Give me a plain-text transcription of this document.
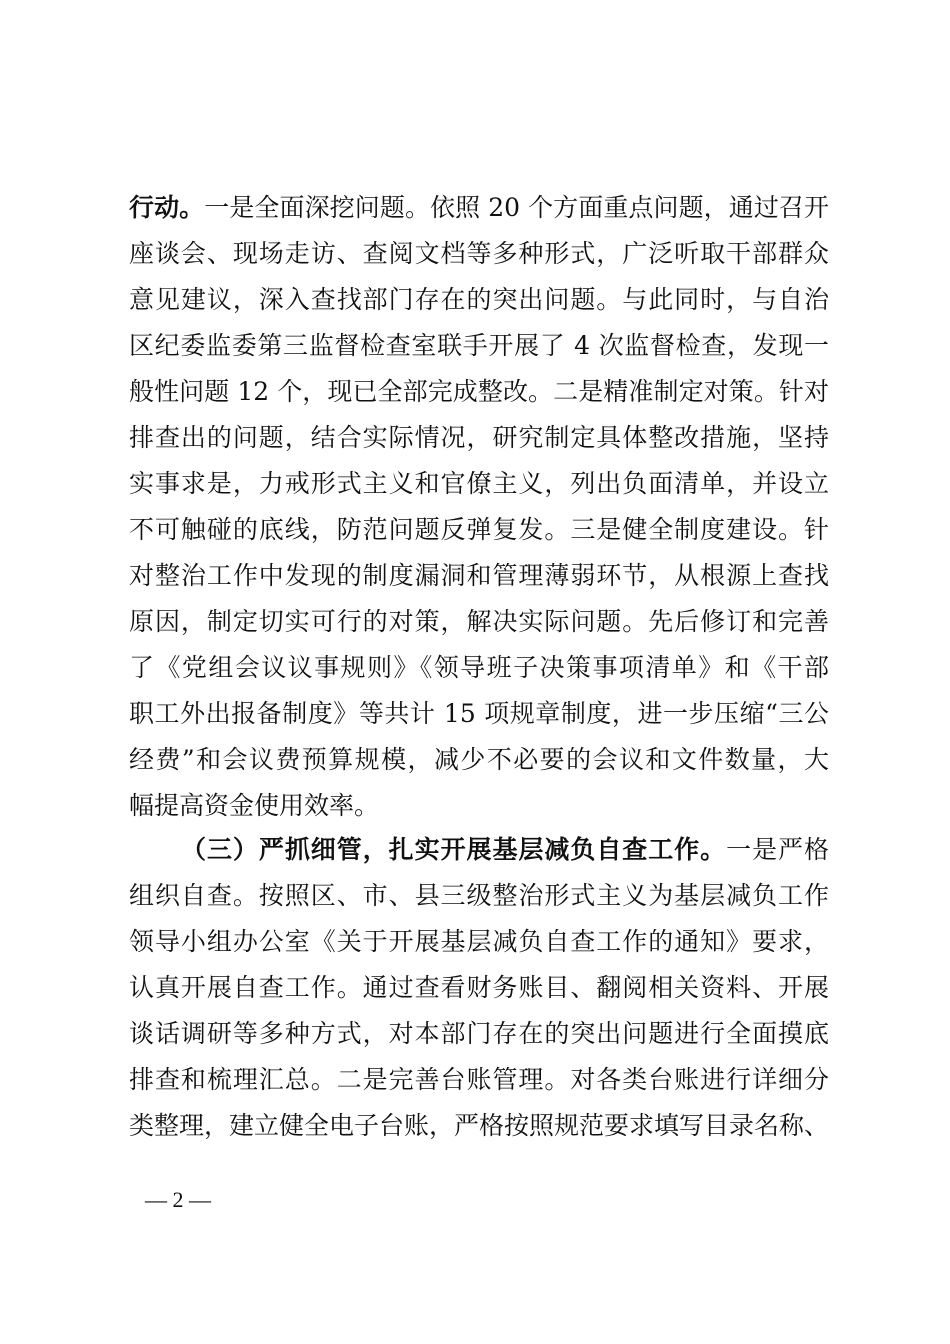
行动。一是全面深挖问题。依照 20 个方面重点问题，通过召开
座谈会、现场走访、查阅文档等多种形式，广泛听取干部群众
意见建议，深入查找部门存在的突出问题。与此同时，与自治
区纪委监委第三监督检查室联手开展了 4 次监督检查，发现一
般性问题 12 个，现已全部完成整改。二是精准制定对策。针对
排查出的问题，结合实际情况，研究制定具体整改措施，坚持
实事求是，力戒形式主义和官僚主义，列出负面清单，并设立
不可触碰的底线，防范问题反弹复发。三是健全制度建设。针
对整治工作中发现的制度漏洞和管理薄弱环节，从根源上查找
原因，制定切实可行的对策，解决实际问题。先后修订和完善
了《党组会议议事规则》《领导班子决策事项清单》和《干部
职工外出报备制度》等共计 15 项规章制度，进一步压缩“三公
经费”和会议费预算规模，减少不必要的会议和文件数量，大
幅提高资金使用效率。
（三）严抓细管，扎实开展基层减负自查工作。一是严格
组织自查。按照区、市、县三级整治形式主义为基层减负工作
领导小组办公室《关于开展基层减负自查工作的通知》要求，
认真开展自查工作。通过查看财务账目、翻阅相关资料、开展
谈话调研等多种方式，对本部门存在的突出问题进行全面摸底
排查和梳理汇总。二是完善台账管理。对各类台账进行详细分
类整理，建立健全电子台账，严格按照规范要求填写目录名称、
— 2 —
